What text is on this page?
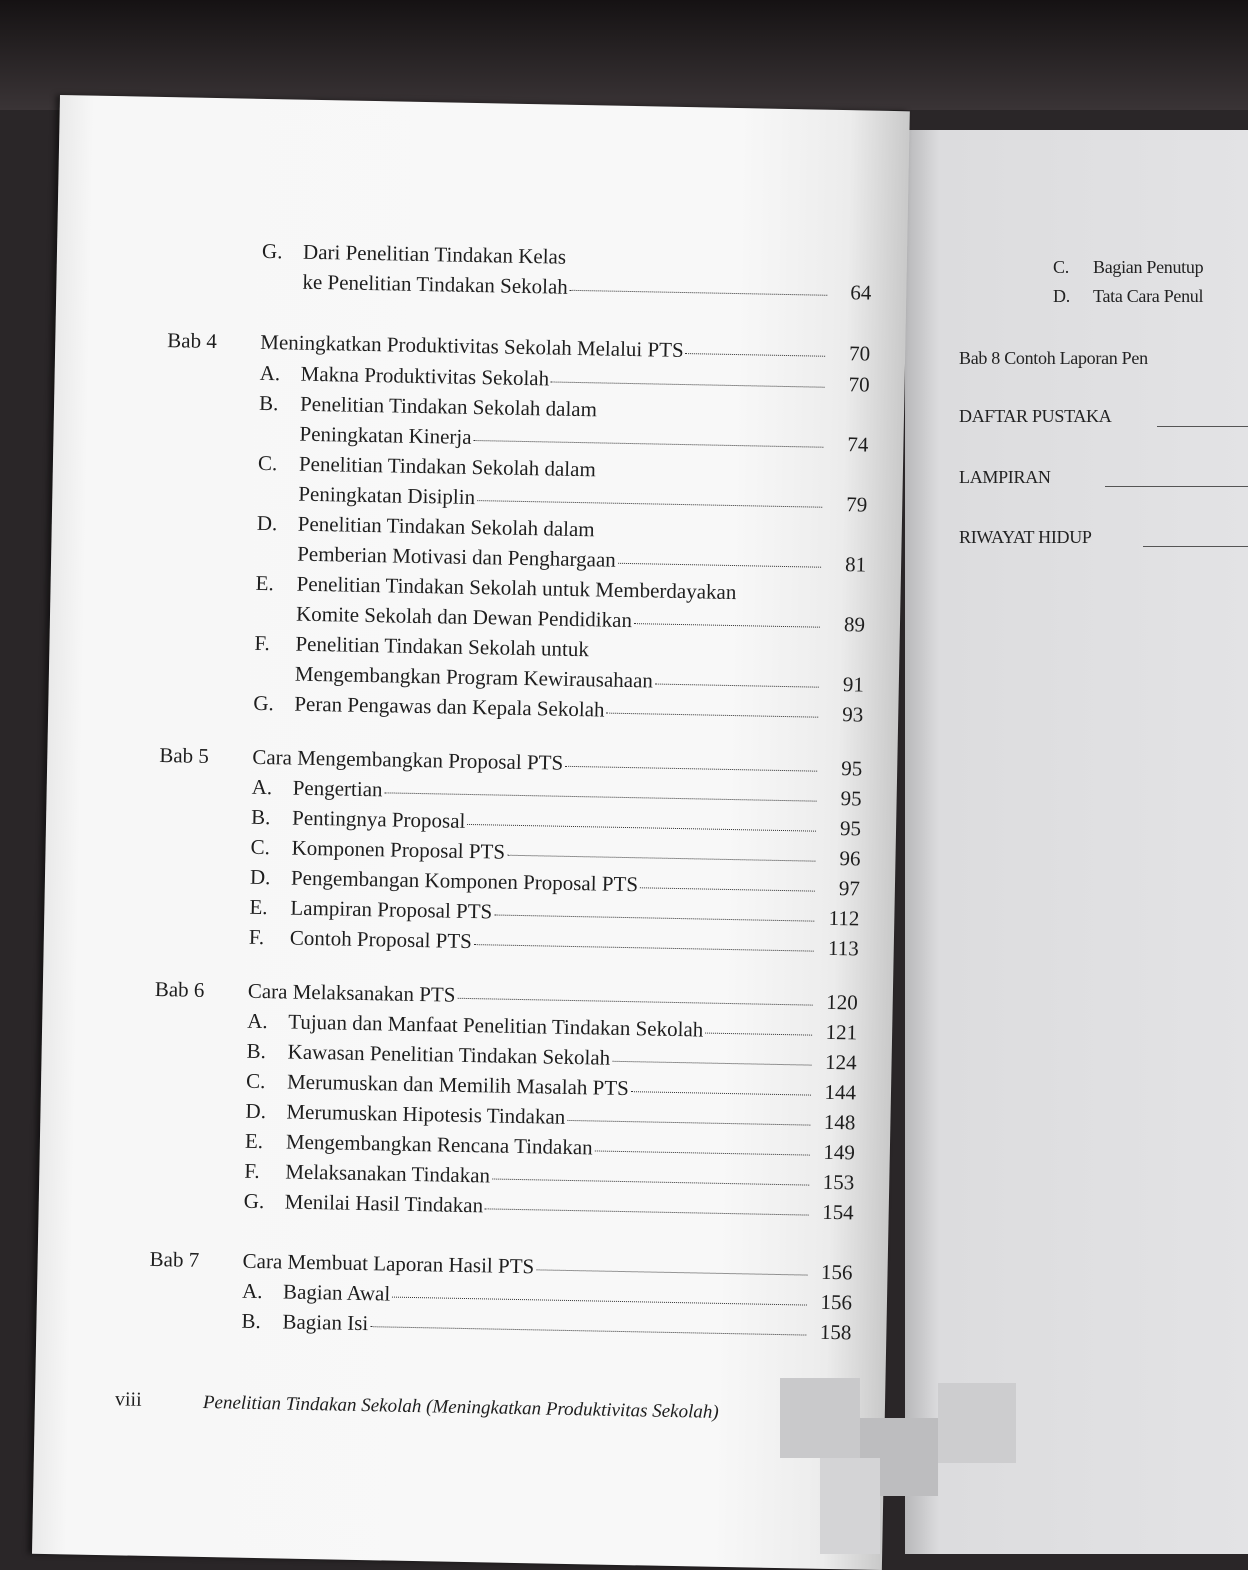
C. Bagian Penutup
D. Tata Cara Penul
Bab 8 Contoh Laporan Pen
DAFTAR PUSTAKA
LAMPIRAN
RIWAYAT HIDUP
G. Dari Penelitian Tindakan Kelas
ke Penelitian Tindakan Sekolah	64
Bab 4 Meningkatkan Produktivitas Sekolah Melalui PTS	70
A. Makna Produktivitas Sekolah	70
B. Penelitian Tindakan Sekolah dalam
Peningkatan Kinerja	74
C. Penelitian Tindakan Sekolah dalam
Peningkatan Disiplin	79
D. Penelitian Tindakan Sekolah dalam
Pemberian Motivasi dan Penghargaan	81
E. Penelitian Tindakan Sekolah untuk Memberdayakan
Komite Sekolah dan Dewan Pendidikan	89
F. Penelitian Tindakan Sekolah untuk
Mengembangkan Program Kewirausahaan	91
G. Peran Pengawas dan Kepala Sekolah	93
Bab 5 Cara Mengembangkan Proposal PTS	95
A. Pengertian	95
B. Pentingnya Proposal	95
C. Komponen Proposal PTS	96
D. Pengembangan Komponen Proposal PTS	97
E. Lampiran Proposal PTS	112
F. Contoh Proposal PTS	113
Bab 6 Cara Melaksanakan PTS	120
A. Tujuan dan Manfaat Penelitian Tindakan Sekolah	121
B. Kawasan Penelitian Tindakan Sekolah	124
C. Merumuskan dan Memilih Masalah PTS	144
D. Merumuskan Hipotesis Tindakan	148
E. Mengembangkan Rencana Tindakan	149
F. Melaksanakan Tindakan	153
G. Menilai Hasil Tindakan	154
Bab 7 Cara Membuat Laporan Hasil PTS	156
A. Bagian Awal	156
B. Bagian Isi	158
viii	Penelitian Tindakan Sekolah (Meningkatkan Produktivitas Sekolah)
